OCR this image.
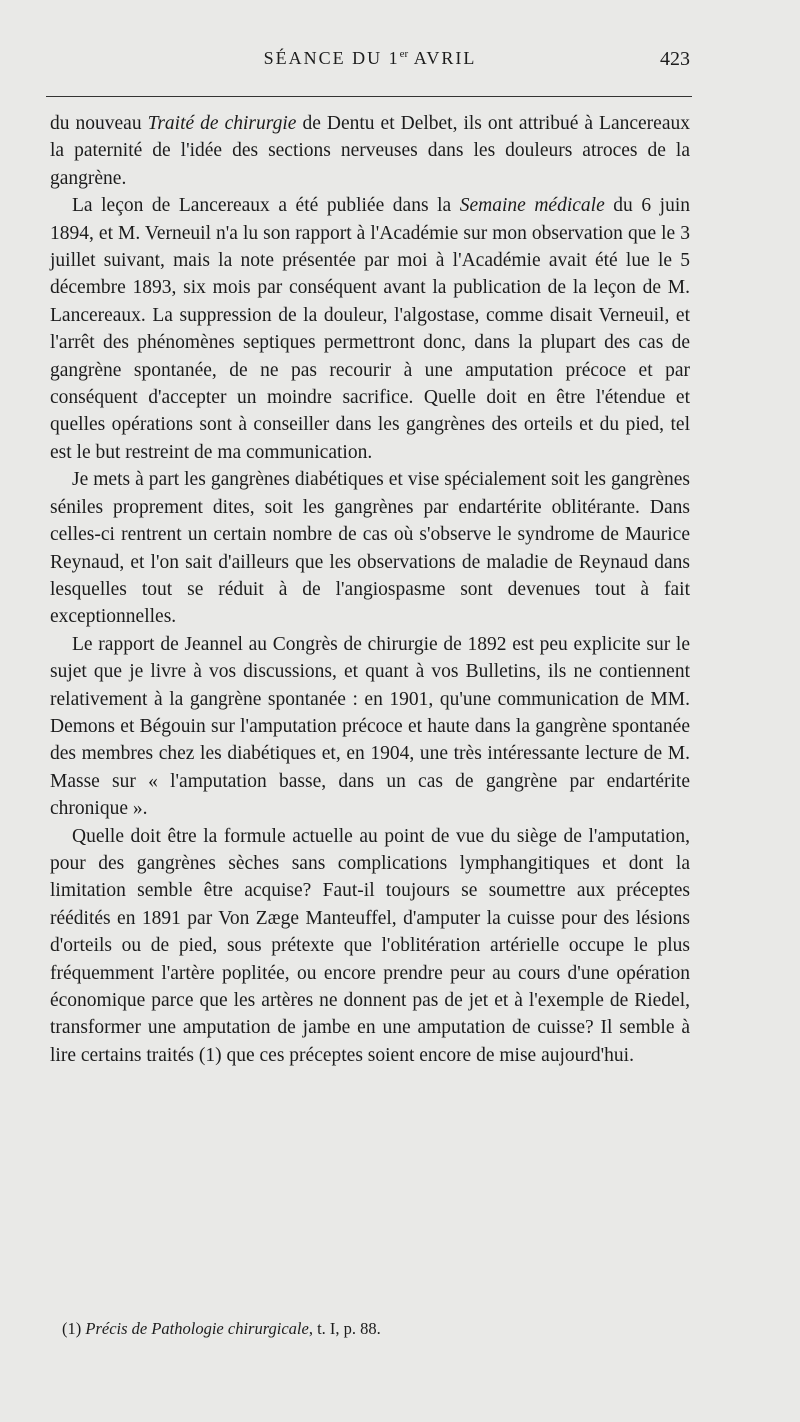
SÉANCE DU 1er AVRIL	423

du nouveau Traité de chirurgie de Dentu et Delbet, ils ont attribué à Lancereaux la paternité de l'idée des sections nerveuses dans les douleurs atroces de la gangrène.

La leçon de Lancereaux a été publiée dans la Semaine médicale du 6 juin 1894, et M. Verneuil n'a lu son rapport à l'Académie sur mon observation que le 3 juillet suivant, mais la note présentée par moi à l'Académie avait été lue le 5 décembre 1893, six mois par conséquent avant la publication de la leçon de M. Lancereaux. La suppression de la douleur, l'algostase, comme disait Verneuil, et l'arrêt des phénomènes septiques permettront donc, dans la plupart des cas de gangrène spontanée, de ne pas recourir à une amputation précoce et par conséquent d'accepter un moindre sacrifice. Quelle doit en être l'étendue et quelles opérations sont à conseiller dans les gangrènes des orteils et du pied, tel est le but restreint de ma communication.

Je mets à part les gangrènes diabétiques et vise spécialement soit les gangrènes séniles proprement dites, soit les gangrènes par endartérite oblitérante. Dans celles-ci rentrent un certain nombre de cas où s'observe le syndrome de Maurice Reynaud, et l'on sait d'ailleurs que les observations de maladie de Reynaud dans lesquelles tout se réduit à de l'angiospasme sont devenues tout à fait exceptionnelles.

Le rapport de Jeannel au Congrès de chirurgie de 1892 est peu explicite sur le sujet que je livre à vos discussions, et quant à vos Bulletins, ils ne contiennent relativement à la gangrène spontanée : en 1901, qu'une communication de MM. Demons et Bégouin sur l'amputation précoce et haute dans la gangrène spontanée des membres chez les diabétiques et, en 1904, une très intéressante lecture de M. Masse sur « l'amputation basse, dans un cas de gangrène par endartérite chronique ».

Quelle doit être la formule actuelle au point de vue du siège de l'amputation, pour des gangrènes sèches sans complications lymphangitiques et dont la limitation semble être acquise? Faut-il toujours se soumettre aux préceptes réédités en 1891 par Von Zæge Manteuffel, d'amputer la cuisse pour des lésions d'orteils ou de pied, sous prétexte que l'oblitération artérielle occupe le plus fréquemment l'artère poplitée, ou encore prendre peur au cours d'une opération économique parce que les artères ne donnent pas de jet et à l'exemple de Riedel, transformer une amputation de jambe en une amputation de cuisse? Il semble à lire certains traités (1) que ces préceptes soient encore de mise aujourd'hui.

(1) Précis de Pathologie chirurgicale, t. I, p. 88.
